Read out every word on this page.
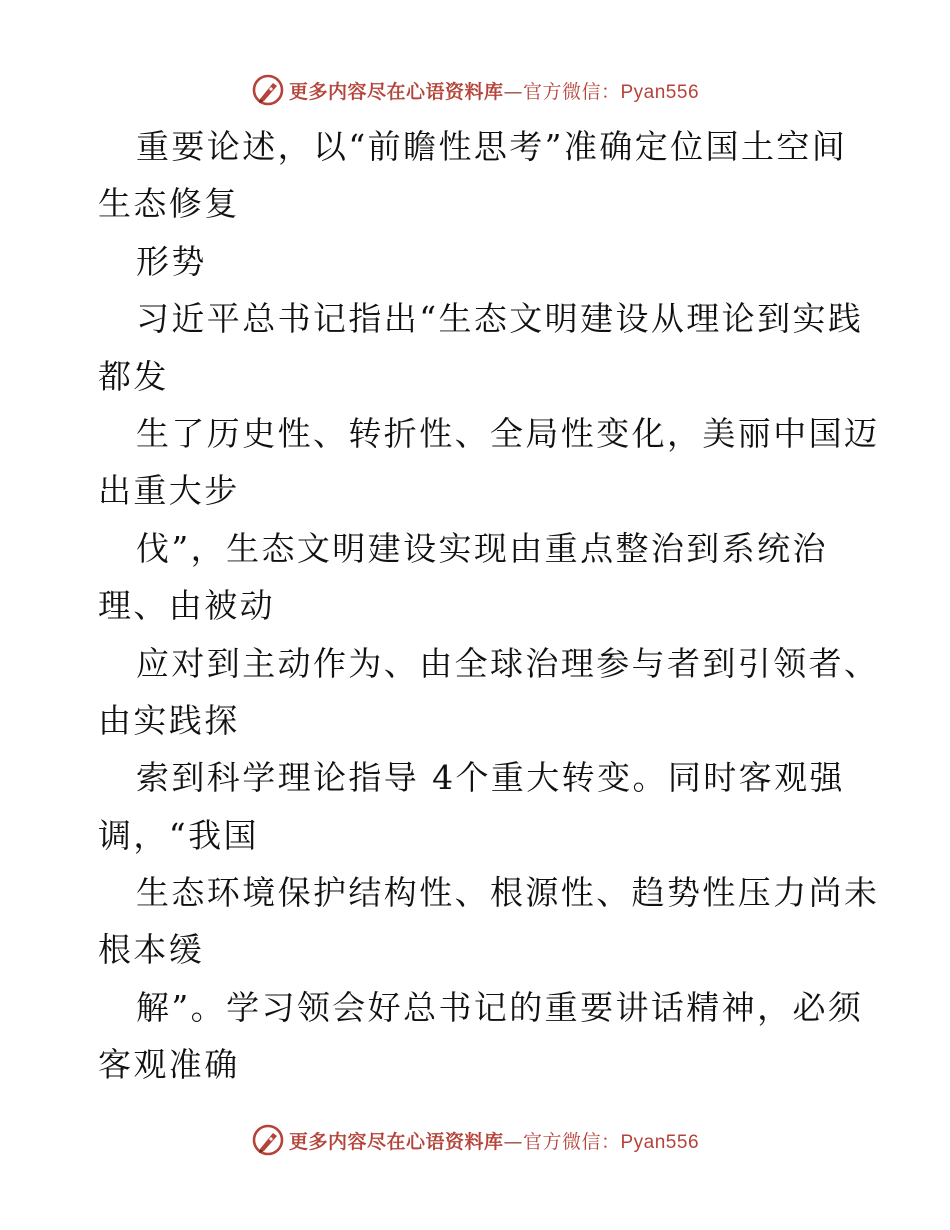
更多内容尽在心语资料库—官方微信：Pyan556
重要论述，以“前瞻性思考”准确定位国土空间
生态修复
形势
习近平总书记指出“生态文明建设从理论到实践
都发
生了历史性、转折性、全局性变化，美丽中国迈
出重大步
伐”，生态文明建设实现由重点整治到系统治
理、由被动
应对到主动作为、由全球治理参与者到引领者、
由实践探
索到科学理论指导 4个重大转变。同时客观强
调，“我国
生态环境保护结构性、根源性、趋势性压力尚未
根本缓
解”。学习领会好总书记的重要讲话精神，必须
客观准确
更多内容尽在心语资料库—官方微信：Pyan556
